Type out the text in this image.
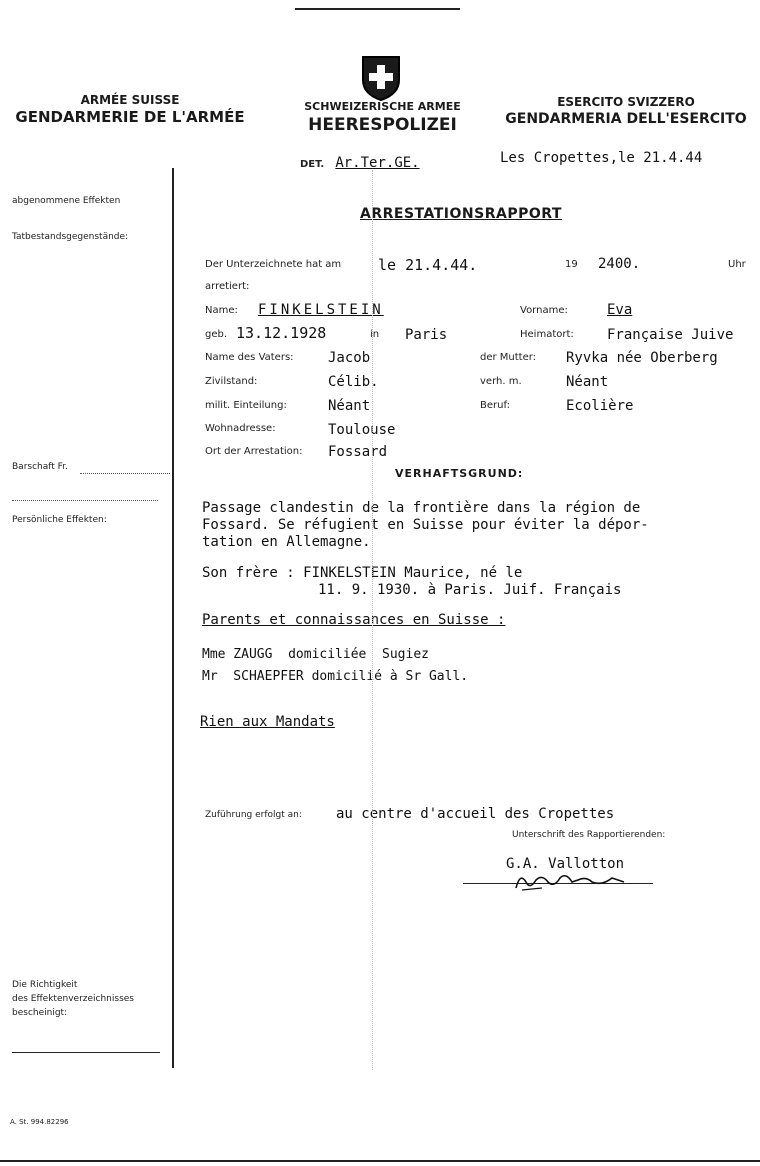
ARMÉE SUISSE
GENDARMERIE DE L'ARMÉE
SCHWEIZERISCHE ARMEE
HEERESPOLIZEI
ESERCITO SVIZZERO
GENDARMERIA DELL'ESERCITO
DET. Ar.Ter.GE.	Les Cropettes,le 21.4.44
abgenommene Effekten
Tatbestandsgegenstände:
Barschaft Fr.
Persönliche Effekten:
Die Richtigkeit
des Effektenverzeichnisses
bescheinigt:
A. St. 994.82296
ARRESTATIONSRAPPORT
Der Unterzeichnete hat am le 21.4.44.	19 2400.	Uhr
arretiert:
Name: FINKELSTEIN	Vorname:	Eva
geb. 13.12.1928	in Paris	Heimatort: Française Juive
Name des Vaters: Jacob	der Mutter: Ryvka née Oberberg
Zivilstand:	Célib.	verh. m.	Néant
milit. Einteilung:	Néant	Beruf:	Ecolière
Wohnadresse:	Toulouse
Ort der Arrestation: Fossard
VERHAFTSGRUND:
Passage clandestin de la frontière dans la région de
Fossard. Se réfugient en Suisse pour éviter la dépor-
tation en Allemagne.
Son frère : FINKELSTEIN Maurice, né le
11. 9. 1930. à Paris. Juif. Français
Parents et connaissances en Suisse :
Mme ZAUGG  domiciliée  Sugiez
Mr  SCHAEPFER domicilié à Sr Gall.
Rien aux Mandats
Zuführung erfolgt an: au centre d'accueil des Cropettes
Unterschrift des Rapportierenden:
G.A. Vallotton
